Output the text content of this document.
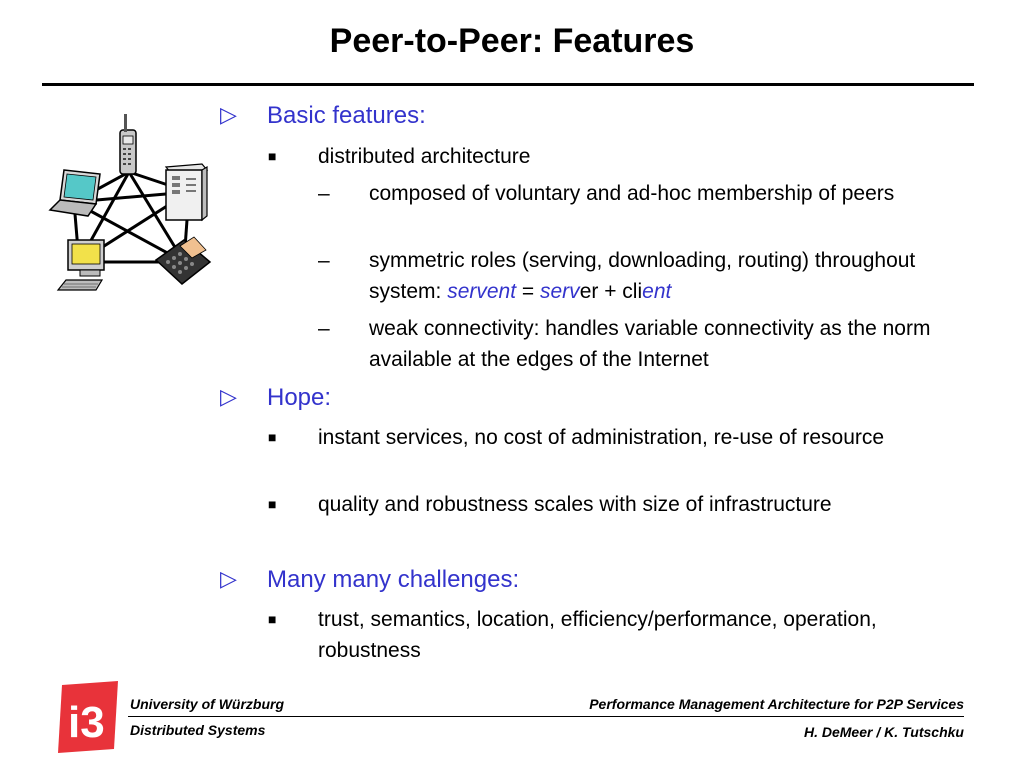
Peer-to-Peer: Features
▷	Basic features:
■ distributed architecture
–	composed of voluntary and ad-hoc membership of peers
–	symmetric roles (serving, downloading, routing) throughout system: servent = server + client
–	weak connectivity: handles variable connectivity as the norm available at the edges of the Internet
▷	Hope:
■ instant services, no cost of administration, re-use of resource
■ quality and robustness scales with size of infrastructure
▷	Many many challenges:
■ trust, semantics, location, efficiency/performance, operation, robustness
i3 University of Würzburg
Distributed Systems
Performance Management Architecture for P2P Services
H. DeMeer / K. Tutschku
